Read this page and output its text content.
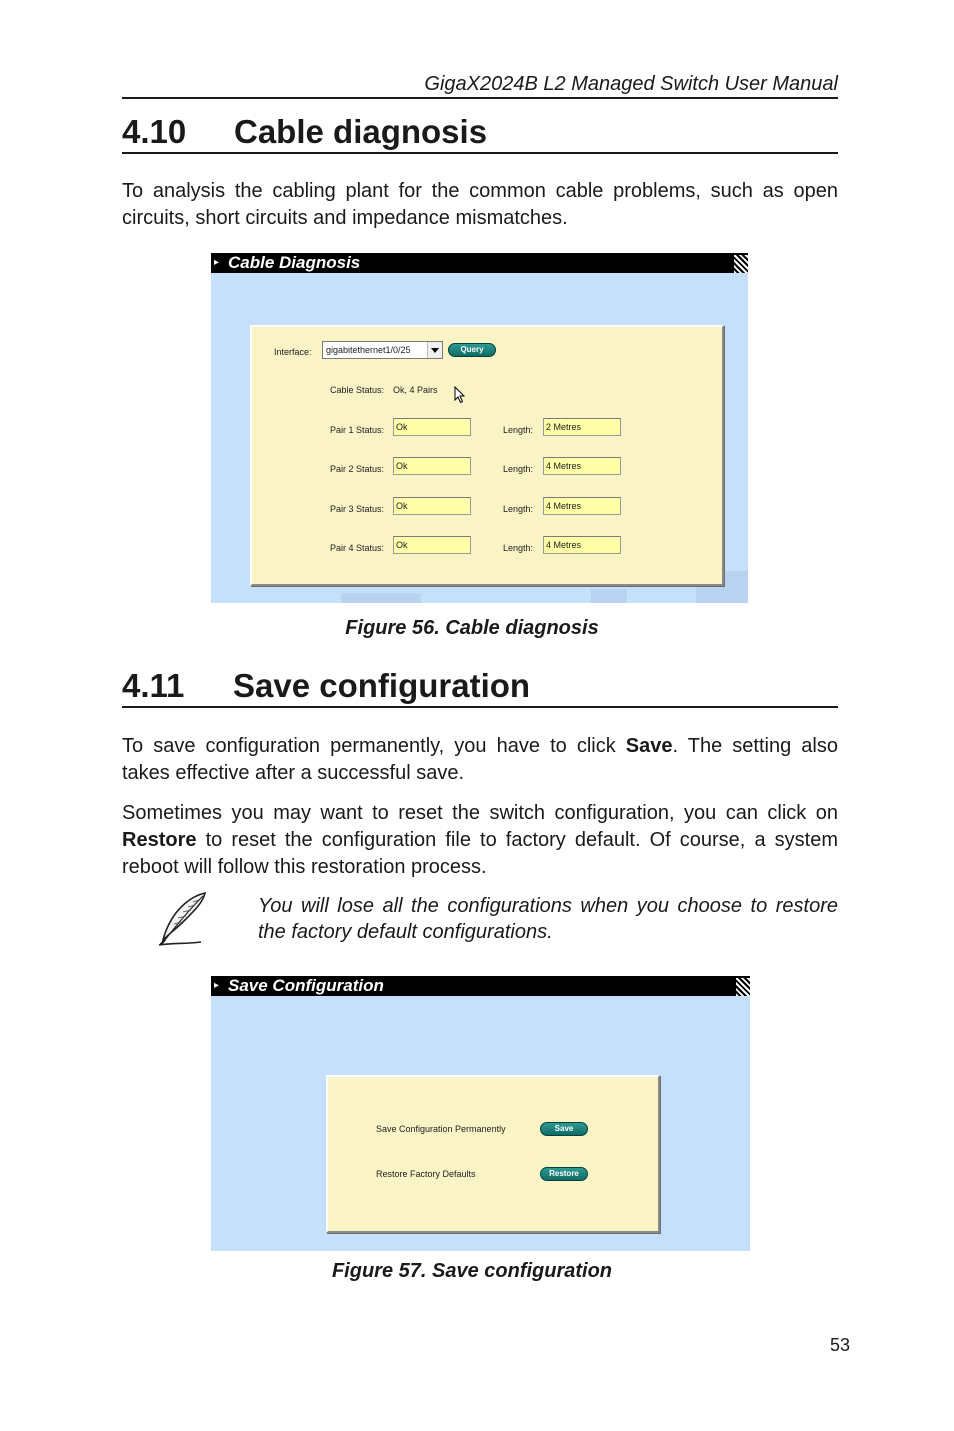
GigaX2024B L2 Managed Switch User Manual
4.10 Cable diagnosis
To analysis the cabling plant for the common cable problems, such as open circuits, short circuits and impedance mismatches.
▸ Cable Diagnosis
Interface:	gigabitethernet1/0/25	Query
Cable Status: Ok, 4 Pairs
Pair 1 Status:	Ok	Length:	2 Metres
Pair 2 Status:	Ok	Length:	4 Metres
Pair 3 Status:	Ok	Length:	4 Metres
Pair 4 Status:	Ok	Length:	4 Metres
Figure 56. Cable diagnosis
4.11 Save configuration
To save configuration permanently, you have to click Save. The setting also takes effective after a successful save.
Sometimes you may want to reset the switch configuration, you can click on Restore to reset the configuration file to factory default. Of course, a system reboot will follow this restoration process.
You will lose all the configurations when you choose to restore the factory default configurations.
▸ Save Configuration
Save Configuration Permanently	Save
Restore Factory Defaults	Restore
Figure 57. Save configuration
53
